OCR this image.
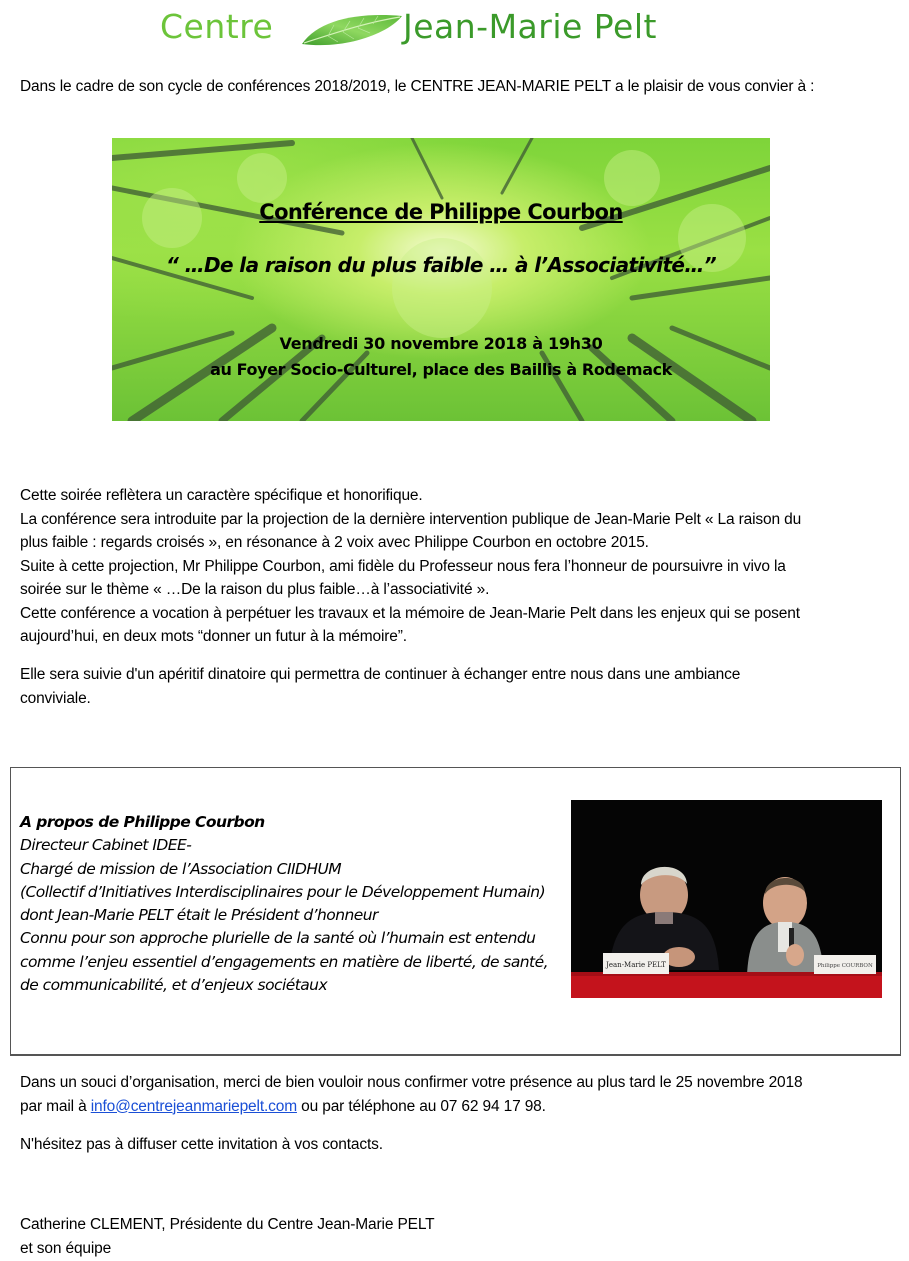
Centre	Jean-Marie Pelt
Dans le cadre de son cycle de conférences 2018/2019, le CENTRE JEAN-MARIE PELT a le plaisir de vous convier à :
Conférence de Philippe Courbon
“ …De la raison du plus faible … à l’Associativité…”
Vendredi 30 novembre 2018 à 19h30
au Foyer Socio-Culturel, place des Baillis à Rodemack
Cette soirée reflètera un caractère spécifique et honorifique.
La conférence sera introduite par la projection de la dernière intervention publique de Jean-Marie Pelt « La raison du
plus faible : regards croisés », en résonance à 2 voix avec Philippe Courbon en octobre 2015.
Suite à cette projection, Mr Philippe Courbon, ami fidèle du Professeur nous fera l’honneur de poursuivre in vivo la
soirée sur le thème « …De la raison du plus faible…à l’associativité ».
Cette conférence a vocation à perpétuer les travaux et la mémoire de Jean-Marie Pelt dans les enjeux qui se posent
aujourd’hui, en deux mots “donner un futur à la mémoire”.
Elle sera suivie d'un apéritif dinatoire qui permettra de continuer à échanger entre nous dans une ambiance
conviviale.
A propos de Philippe Courbon
Directeur Cabinet IDEE-
Chargé de mission de l’Association CIIDHUM
(Collectif d’Initiatives Interdisciplinaires pour le Développement Humain)
dont Jean-Marie PELT était le Président d’honneur
Connu pour son approche plurielle de la santé où l’humain est entendu
comme l’enjeu essentiel d’engagements en matière de liberté, de santé,
de communicabilité, et d’enjeux sociétaux
Jean-Marie PELT	Philippe COURBON
Dans un souci d’organisation, merci de bien vouloir nous confirmer votre présence au plus tard le 25 novembre 2018
par mail à info@centrejeanmariepelt.com ou par téléphone au 07 62 94 17 98.
N'hésitez pas à diffuser cette invitation à vos contacts.
Catherine CLEMENT, Présidente du Centre Jean-Marie PELT
et son équipe
